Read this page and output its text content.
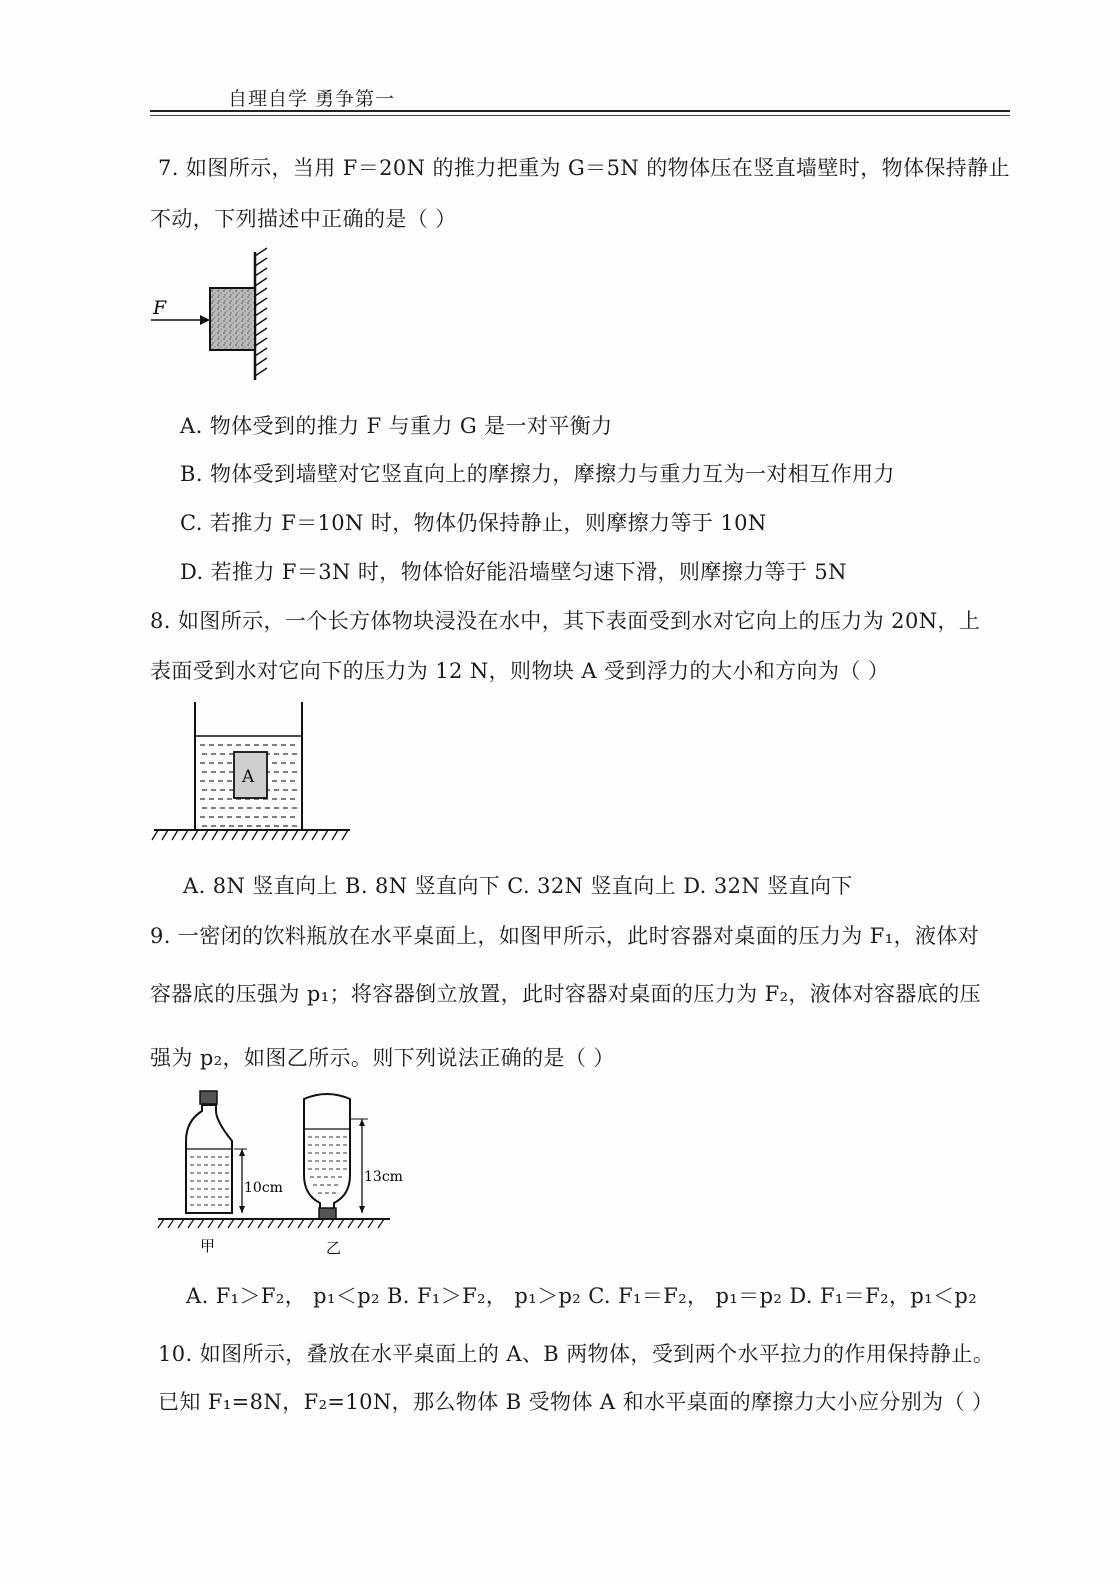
自理自学 勇争第一
7. 如图所示，当用 F＝20N 的推力把重为 G＝5N 的物体压在竖直墙壁时，物体保持静止
不动，下列描述中正确的是（ ）
F
A. 物体受到的推力 F 与重力 G 是一对平衡力
B. 物体受到墙壁对它竖直向上的摩擦力，摩擦力与重力互为一对相互作用力
C. 若推力 F＝10N 时，物体仍保持静止，则摩擦力等于 10N
D. 若推力 F＝3N 时，物体恰好能沿墙壁匀速下滑，则摩擦力等于 5N
8. 如图所示，一个长方体物块浸没在水中，其下表面受到水对它向上的压力为 20N，上
表面受到水对它向下的压力为 12 N，则物块 A 受到浮力的大小和方向为（ ）
A
A. 8N 竖直向上 B. 8N 竖直向下 C. 32N 竖直向上 D. 32N 竖直向下
9. 一密闭的饮料瓶放在水平桌面上，如图甲所示，此时容器对桌面的压力为 F₁，液体对
容器底的压强为 p₁；将容器倒立放置，此时容器对桌面的压力为 F₂，液体对容器底的压
强为 p₂，如图乙所示。则下列说法正确的是（ ）
10cm
13cm
甲	乙
A. F₁＞F₂， p₁＜p₂ B. F₁＞F₂， p₁＞p₂ C. F₁＝F₂， p₁＝p₂ D. F₁＝F₂，p₁＜p₂
10. 如图所示，叠放在水平桌面上的 A、B 两物体，受到两个水平拉力的作用保持静止。
已知 F₁=8N，F₂=10N，那么物体 B 受物体 A 和水平桌面的摩擦力大小应分别为（ ）
